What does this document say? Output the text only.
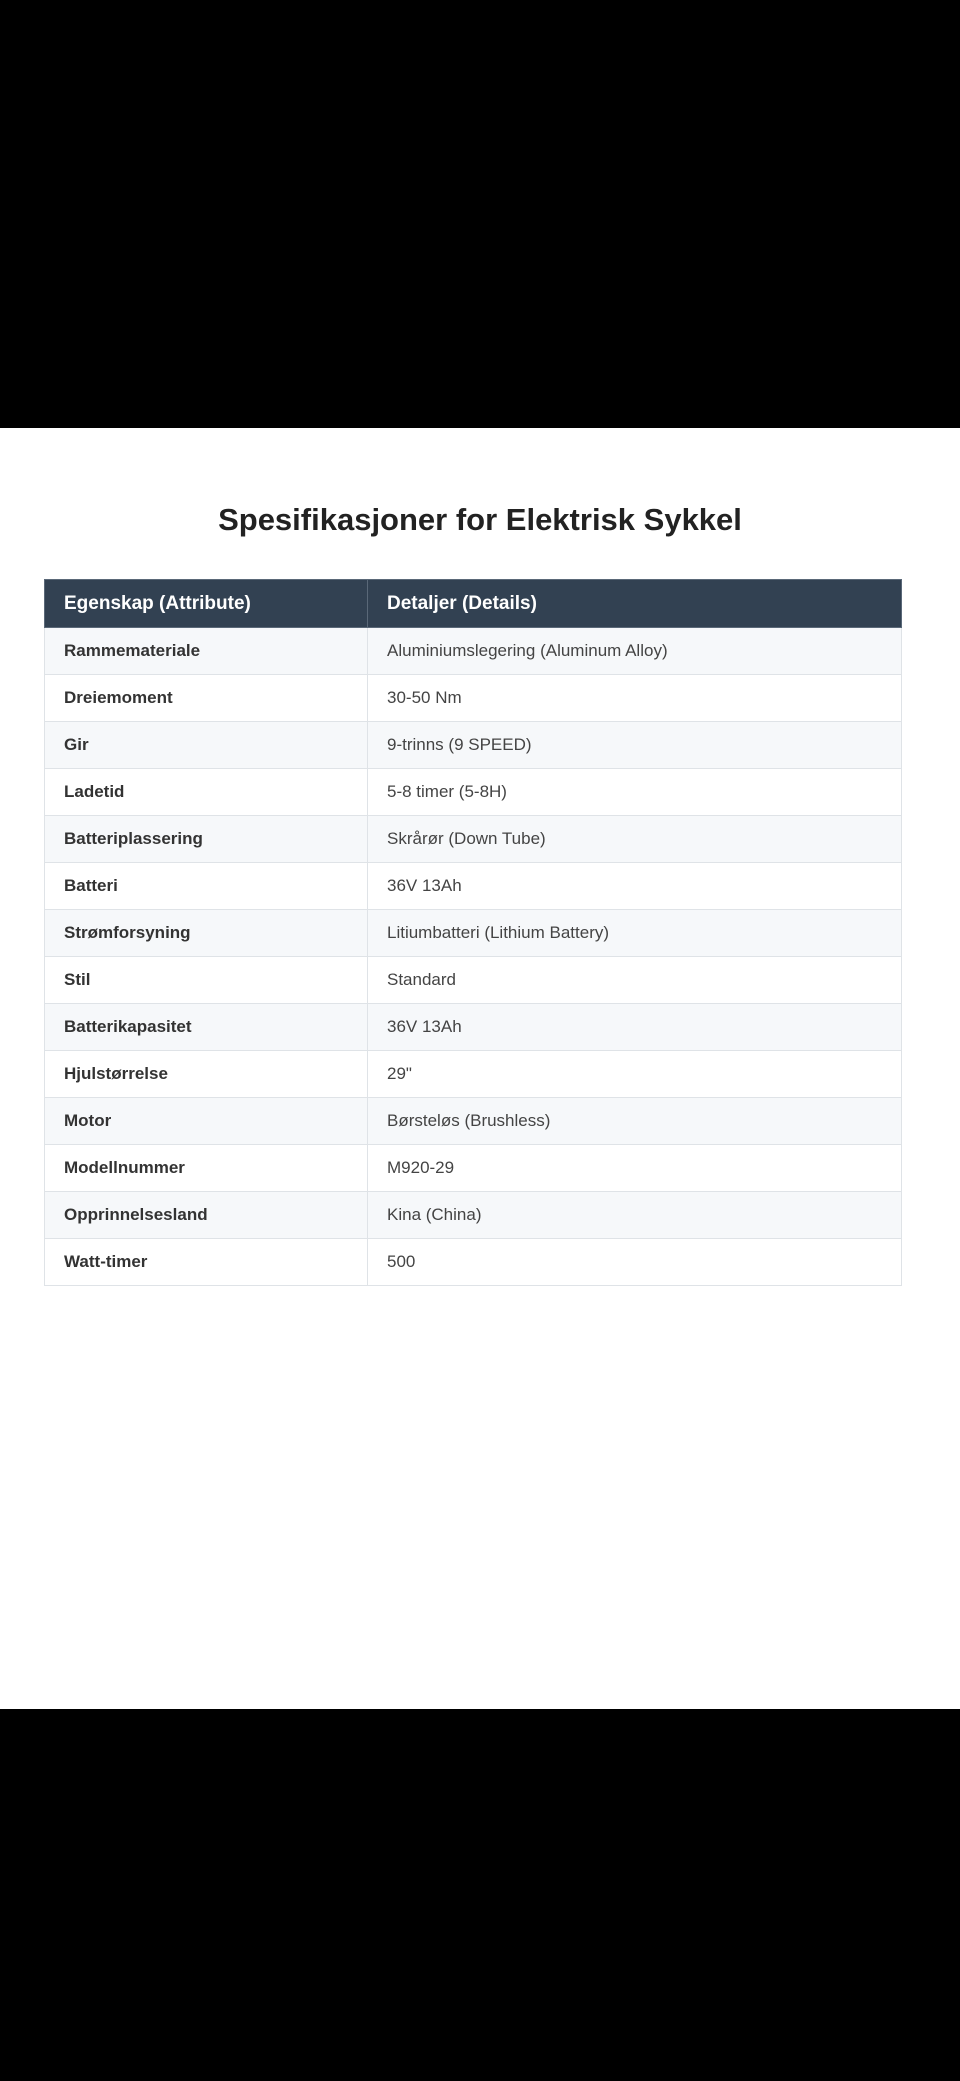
Spesifikasjoner for Elektrisk Sykkel
Egenskap (Attribute)	Detaljer (Details)
Rammemateriale	Aluminiumslegering (Aluminum Alloy)
Dreiemoment	30-50 Nm
Gir	9-trinns (9 SPEED)
Ladetid	5-8 timer (5-8H)
Batteriplassering	Skrårør (Down Tube)
Batteri	36V 13Ah
Strømforsyning	Litiumbatteri (Lithium Battery)
Stil	Standard
Batterikapasitet	36V 13Ah
Hjulstørrelse	29"
Motor	Børsteløs (Brushless)
Modellnummer	M920-29
Opprinnelsesland	Kina (China)
Watt-timer	500
